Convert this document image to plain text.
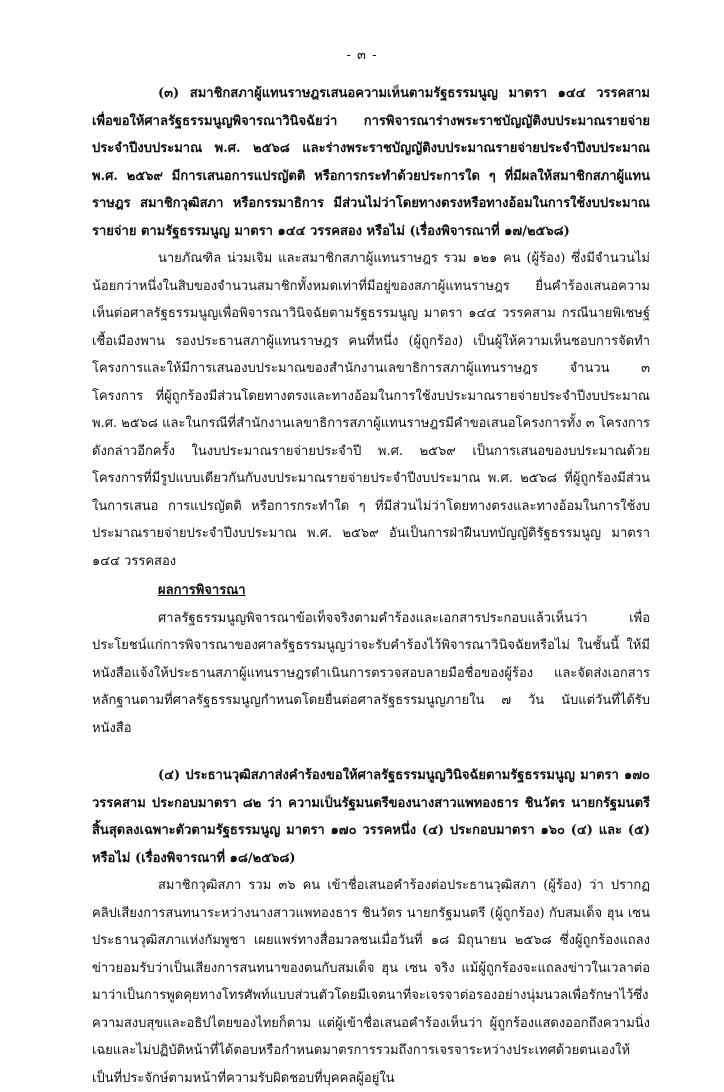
- ๓ -

(๓) สมาชิกสภาผู้แทนราษฎรเสนอความเห็นตามรัฐธรรมนูญ มาตรา ๑๔๔ วรรคสาม เพื่อขอให้ศาลรัฐธรรมนูญพิจารณาวินิจฉัยว่า การพิจารณาร่างพระราชบัญญัติงบประมาณรายจ่ายประจำปีงบประมาณ พ.ศ. ๒๕๖๘ และร่างพระราชบัญญัติงบประมาณรายจ่ายประจำปีงบประมาณ พ.ศ. ๒๕๖๙ มีการเสนอการแปรญัตติ หรือการกระทำด้วยประการใด ๆ ที่มีผลให้สมาชิกสภาผู้แทนราษฎร สมาชิกวุฒิสภา หรือกรรมาธิการ มีส่วนไม่ว่าโดยทางตรงหรือทางอ้อมในการใช้งบประมาณรายจ่าย ตามรัฐธรรมนูญ มาตรา ๑๔๔ วรรคสอง หรือไม่ (เรื่องพิจารณาที่ ๑๗/๒๕๖๘)

นายภัณฑิล น่วมเจิม และสมาชิกสภาผู้แทนราษฎร รวม ๑๒๑ คน (ผู้ร้อง) ซึ่งมีจำนวนไม่น้อยกว่าหนึ่งในสิบของจำนวนสมาชิกทั้งหมดเท่าที่มีอยู่ของสภาผู้แทนราษฎร ยื่นคำร้องเสนอความเห็นต่อศาลรัฐธรรมนูญเพื่อพิจารณาวินิจฉัยตามรัฐธรรมนูญ มาตรา ๑๔๔ วรรคสาม กรณีนายพิเชษฐ์ เชื้อเมืองพาน รองประธานสภาผู้แทนราษฎร คนที่หนึ่ง (ผู้ถูกร้อง) เป็นผู้ให้ความเห็นชอบการจัดทำโครงการและให้มีการเสนองบประมาณของสำนักงานเลขาธิการสภาผู้แทนราษฎร จำนวน ๓ โครงการ ที่ผู้ถูกร้องมีส่วนโดยทางตรงและทางอ้อมในการใช้งบประมาณรายจ่ายประจำปีงบประมาณ พ.ศ. ๒๕๖๘ และในกรณีที่สำนักงานเลขาธิการสภาผู้แทนราษฎรมีคำขอเสนอโครงการทั้ง ๓ โครงการดังกล่าวอีกครั้ง ในงบประมาณรายจ่ายประจำปี พ.ศ. ๒๕๖๙ เป็นการเสนอของบประมาณด้วยโครงการที่มีรูปแบบเดียวกันกับงบประมาณรายจ่ายประจำปีงบประมาณ พ.ศ. ๒๕๖๘ ที่ผู้ถูกร้องมีส่วนในการเสนอ การแปรญัตติ หรือการกระทำใด ๆ ที่มีส่วนไม่ว่าโดยทางตรงและทางอ้อมในการใช้งบประมาณรายจ่ายประจำปีงบประมาณ พ.ศ. ๒๕๖๙ อันเป็นการฝ่าฝืนบทบัญญัติรัฐธรรมนูญ มาตรา ๑๔๔ วรรคสอง

ผลการพิจารณา

ศาลรัฐธรรมนูญพิจารณาข้อเท็จจริงตามคำร้องและเอกสารประกอบแล้วเห็นว่า เพื่อประโยชน์แก่การพิจารณาของศาลรัฐธรรมนูญว่าจะรับคำร้องไว้พิจารณาวินิจฉัยหรือไม่ ในชั้นนี้ ให้มีหนังสือแจ้งให้ประธานสภาผู้แทนราษฎรดำเนินการตรวจสอบลายมือชื่อของผู้ร้อง และจัดส่งเอกสารหลักฐานตามที่ศาลรัฐธรรมนูญกำหนดโดยยื่นต่อศาลรัฐธรรมนูญภายใน ๗ วัน นับแต่วันที่ได้รับหนังสือ

(๔) ประธานวุฒิสภาส่งคำร้องขอให้ศาลรัฐธรรมนูญวินิจฉัยตามรัฐธรรมนูญ มาตรา ๑๗๐ วรรคสาม ประกอบมาตรา ๘๒ ว่า ความเป็นรัฐมนตรีของนางสาวแพทองธาร ชินวัตร นายกรัฐมนตรี สิ้นสุดลงเฉพาะตัวตามรัฐธรรมนูญ มาตรา ๑๗๐ วรรคหนึ่ง (๔) ประกอบมาตรา ๑๖๐ (๔) และ (๕) หรือไม่ (เรื่องพิจารณาที่ ๑๘/๒๕๖๘)

สมาชิกวุฒิสภา รวม ๓๖ คน เข้าชื่อเสนอคำร้องต่อประธานวุฒิสภา (ผู้ร้อง) ว่า ปรากฏคลิปเสียงการสนทนาระหว่างนางสาวแพทองธาร ชินวัตร นายกรัฐมนตรี (ผู้ถูกร้อง) กับสมเด็จ ฮุน เซน ประธานวุฒิสภาแห่งกัมพูชา เผยแพร่ทางสื่อมวลชนเมื่อวันที่ ๑๘ มิถุนายน ๒๕๖๘ ซึ่งผู้ถูกร้องแถลงข่าวยอมรับว่าเป็นเสียงการสนทนาของตนกับสมเด็จ ฮุน เซน จริง แม้ผู้ถูกร้องจะแถลงข่าวในเวลาต่อมาว่าเป็นการพูดคุยทางโทรศัพท์แบบส่วนตัวโดยมีเจตนาที่จะเจรจาต่อรองอย่างนุ่มนวลเพื่อรักษาไว้ซึ่งความสงบสุขและอธิปไตยของไทยก็ตาม แต่ผู้เข้าชื่อเสนอคำร้องเห็นว่า ผู้ถูกร้องแสดงออกถึงความนิ่งเฉยและไม่ปฏิบัติหน้าที่ได้ตอบหรือกำหนดมาตรการรวมถึงการเจรจาระหว่างประเทศด้วยตนเองให้เป็นที่ประจักษ์ตามหน้าที่ความรับผิดชอบที่บุคคลผู้อยู่ใน
